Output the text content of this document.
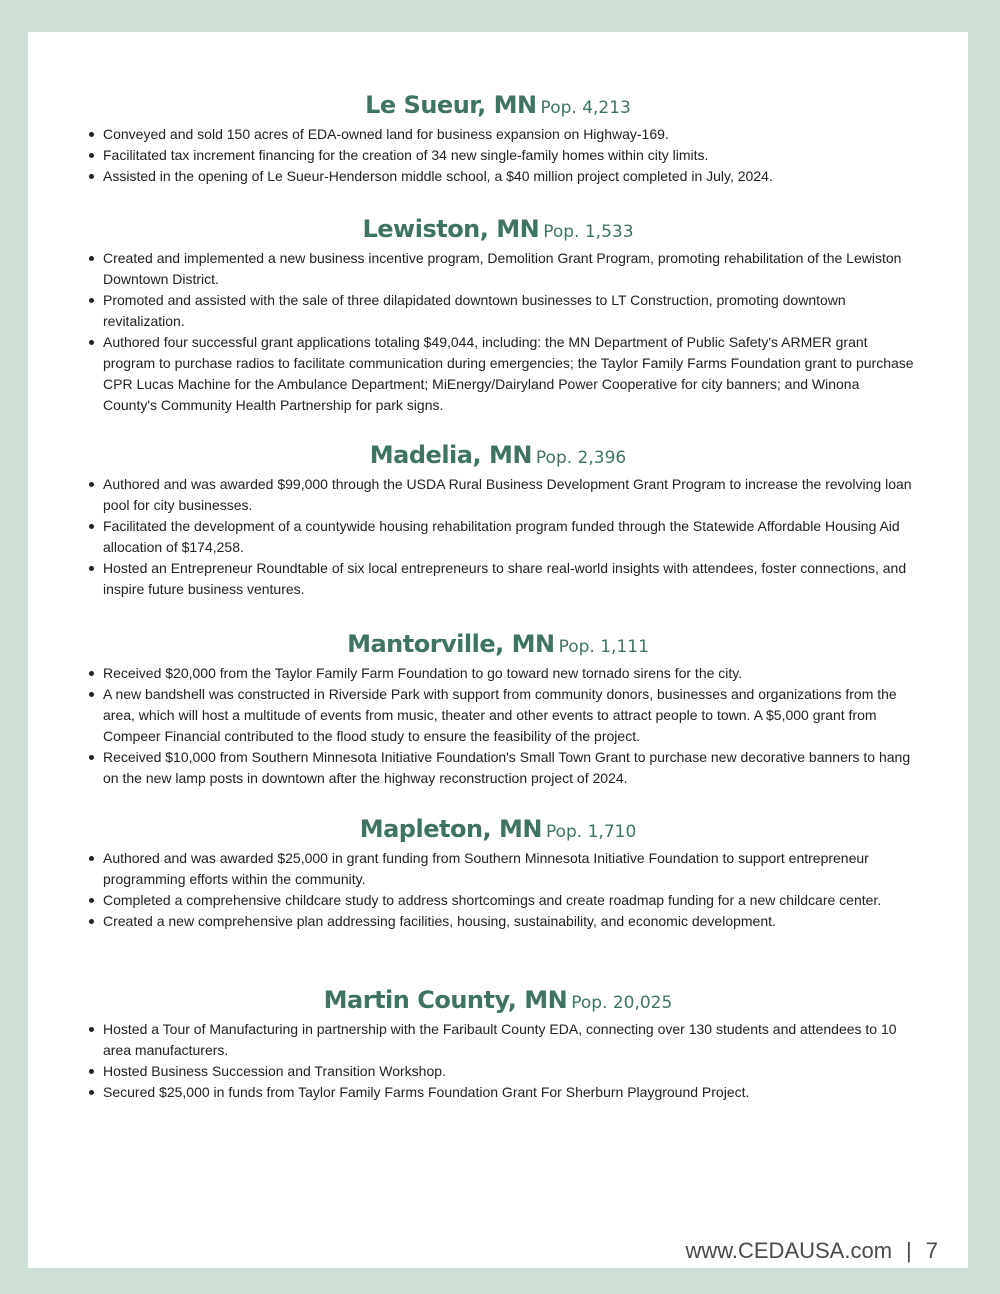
Le Sueur, MN Pop. 4,213
Conveyed and sold 150 acres of EDA-owned land for business expansion on Highway-169.
Facilitated tax increment financing for the creation of 34 new single-family homes within city limits.
Assisted in the opening of Le Sueur-Henderson middle school, a $40 million project completed in July, 2024.
Lewiston, MN Pop. 1,533
Created and implemented a new business incentive program, Demolition Grant Program, promoting rehabilitation of the Lewiston Downtown District.
Promoted and assisted with the sale of three dilapidated downtown businesses to LT Construction, promoting downtown revitalization.
Authored four successful grant applications totaling $49,044, including: the MN Department of Public Safety's ARMER grant program to purchase radios to facilitate communication during emergencies; the Taylor Family Farms Foundation grant to purchase CPR Lucas Machine for the Ambulance Department; MiEnergy/Dairyland Power Cooperative for city banners; and Winona County's Community Health Partnership for park signs.
Madelia, MN Pop. 2,396
Authored and was awarded $99,000 through the USDA Rural Business Development Grant Program to increase the revolving loan pool for city businesses.
Facilitated the development of a countywide housing rehabilitation program funded through the Statewide Affordable Housing Aid allocation of $174,258.
Hosted an Entrepreneur Roundtable of six local entrepreneurs to share real-world insights with attendees, foster connections, and inspire future business ventures.
Mantorville, MN Pop. 1,111
Received $20,000 from the Taylor Family Farm Foundation to go toward new tornado sirens for the city.
A new bandshell was constructed in Riverside Park with support from community donors, businesses and organizations from the area, which will host a multitude of events from music, theater and other events to attract people to town. A $5,000 grant from Compeer Financial contributed to the flood study to ensure the feasibility of the project.
Received $10,000 from Southern Minnesota Initiative Foundation's Small Town Grant to purchase new decorative banners to hang on the new lamp posts in downtown after the highway reconstruction project of 2024.
Mapleton, MN Pop. 1,710
Authored and was awarded $25,000 in grant funding from Southern Minnesota Initiative Foundation to support entrepreneur programming efforts within the community.
Completed a comprehensive childcare study to address shortcomings and create roadmap funding for a new childcare center.
Created a new comprehensive plan addressing facilities, housing, sustainability, and economic development.
Martin County, MN Pop. 20,025
Hosted a Tour of Manufacturing in partnership with the Faribault County EDA, connecting over 130 students and attendees to 10 area manufacturers.
Hosted Business Succession and Transition Workshop.
Secured $25,000 in funds from Taylor Family Farms Foundation Grant For Sherburn Playground Project.
www.CEDAUSA.com | 7
